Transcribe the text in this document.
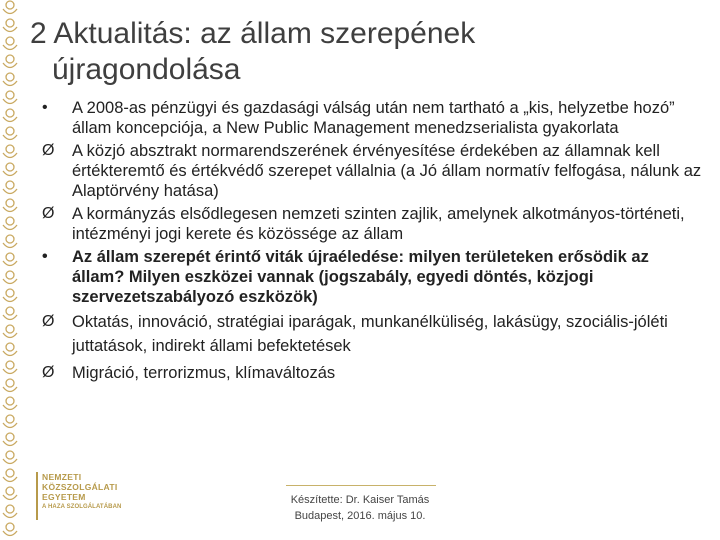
2 Aktualitás: az állam szerepének
újragondolása
•	A 2008-as pénzügyi és gazdasági válság után nem tartható a „kis, helyzetbe hozó” állam koncepciója, a New Public Management menedzserialista gyakorlata
Ø	A közjó absztrakt normarendszerének érvényesítése érdekében az államnak kell értékteremtő és értékvédő szerepet vállalnia (a Jó állam normatív felfogása, nálunk az Alaptörvény hatása)
Ø	A kormányzás elsődlegesen nemzeti szinten zajlik, amelynek alkotmányos-történeti, intézményi jogi kerete és közössége az állam
•	Az állam szerepét érintő viták újraéledése: milyen területeken erősödik az állam? Milyen eszközei vannak (jogszabály, egyedi döntés, közjogi szervezetszabályozó eszközök)
Ø	Oktatás, innováció, stratégiai iparágak, munkanélküliség, lakásügy, szociális-jóléti juttatások, indirekt állami befektetések
Ø	Migráció, terrorizmus, klímaváltozás
NEMZETI
KÖZSZOLGÁLATI
EGYETEM
A HAZA SZOLGÁLATÁBAN
Készítette: Dr. Kaiser Tamás
Budapest, 2016. május 10.
